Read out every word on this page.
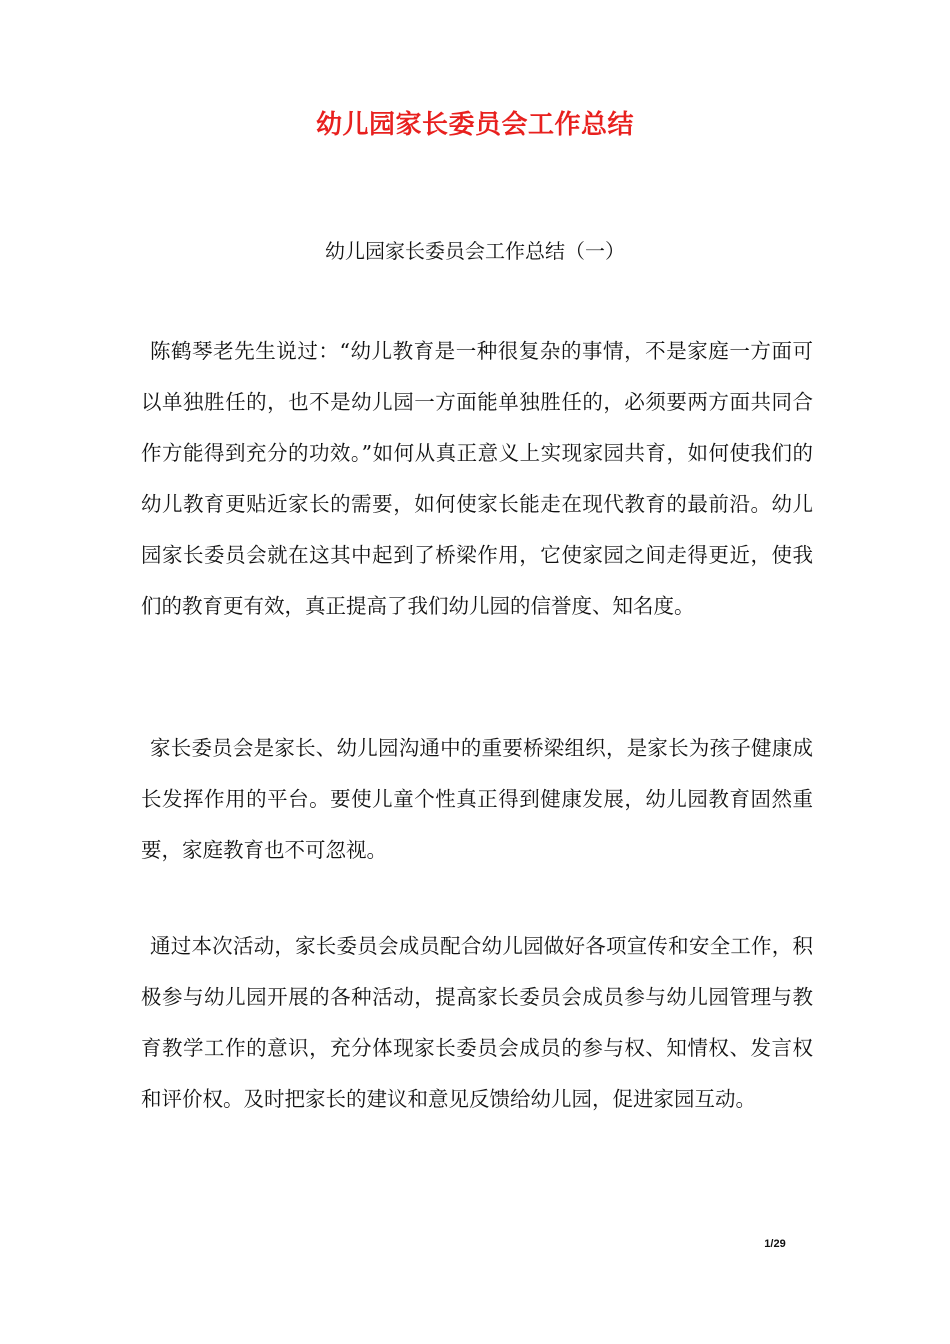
幼儿园家长委员会工作总结
幼儿园家长委员会工作总结（一）

陈鹤琴老先生说过：“幼儿教育是一种很复杂的事情，不是家庭一方面可以单独胜任的，也不是幼儿园一方面能单独胜任的，必须要两方面共同合作方能得到充分的功效。”如何从真正意义上实现家园共育，如何使我们的幼儿教育更贴近家长的需要，如何使家长能走在现代教育的最前沿。幼儿园家长委员会就在这其中起到了桥梁作用，它使家园之间走得更近，使我们的教育更有效，真正提高了我们幼儿园的信誉度、知名度。

家长委员会是家长、幼儿园沟通中的重要桥梁组织，是家长为孩子健康成长发挥作用的平台。要使儿童个性真正得到健康发展，幼儿园教育固然重要，家庭教育也不可忽视。

通过本次活动，家长委员会成员配合幼儿园做好各项宣传和安全工作，积极参与幼儿园开展的各种活动，提高家长委员会成员参与幼儿园管理与教育教学工作的意识，充分体现家长委员会成员的参与权、知情权、发言权和评价权。及时把家长的建议和意见反馈给幼儿园，促进家园互动。

1/29
